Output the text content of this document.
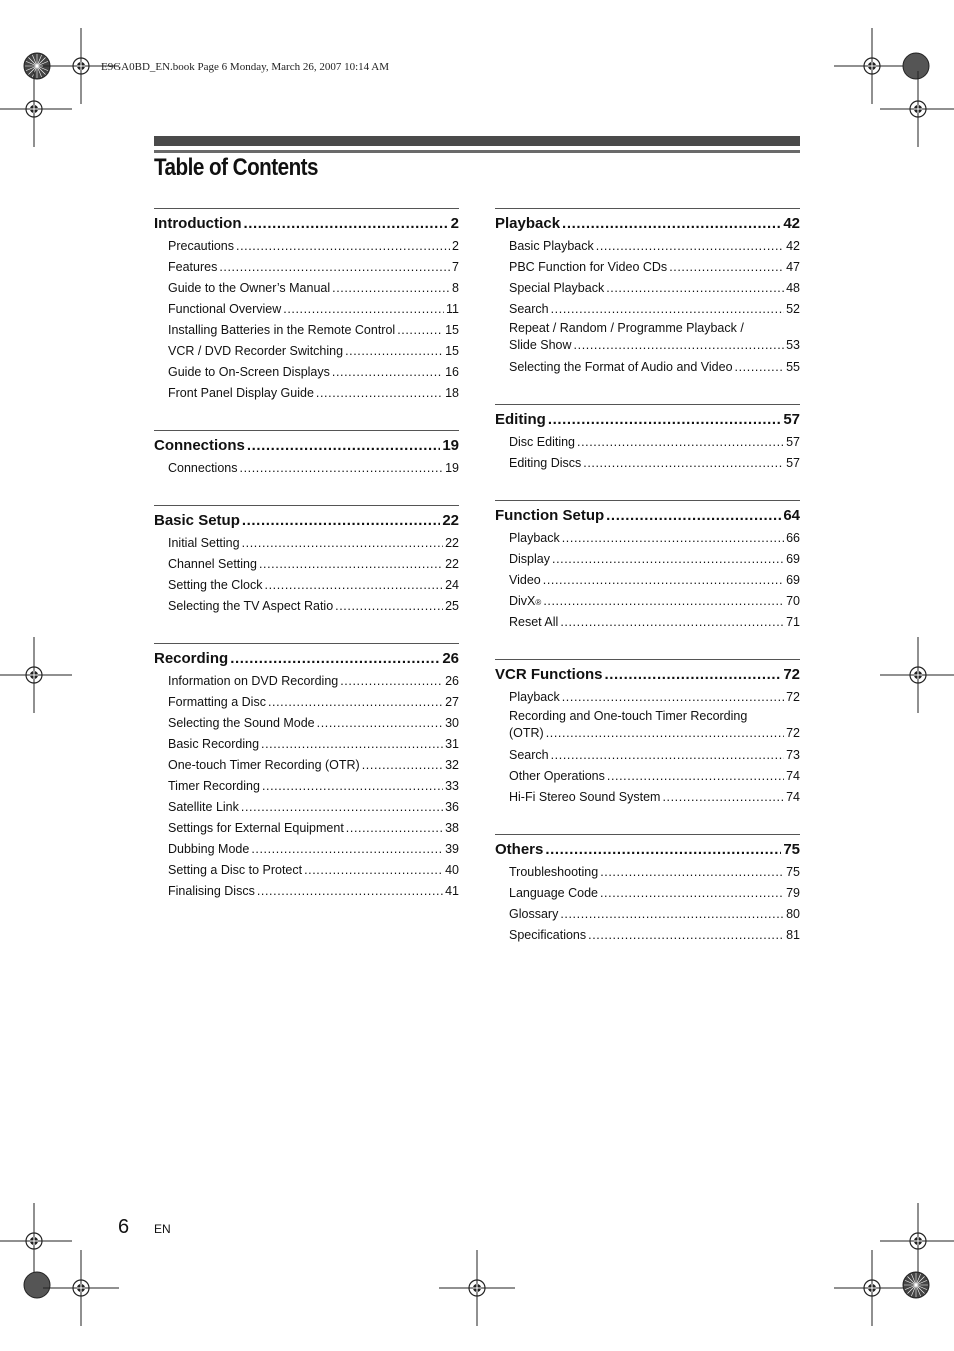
E9GA0BD_EN.book Page 6 Monday, March 26, 2007 10:14 AM
Table of Contents
Introduction .....	2
Precautions .....	2
Features .....	7
Guide to the Owner’s Manual .....	8
Functional Overview .....	11
Installing Batteries in the Remote Control .....	15
VCR / DVD Recorder Switching .....	15
Guide to On-Screen Displays .....	16
Front Panel Display Guide .....	18
Connections .....	19
Connections .....	19
Basic Setup .....	22
Initial Setting .....	22
Channel Setting .....	22
Setting the Clock .....	24
Selecting the TV Aspect Ratio .....	25
Recording .....	26
Information on DVD Recording .....	26
Formatting a Disc .....	27
Selecting the Sound Mode .....	30
Basic Recording .....	31
One-touch Timer Recording (OTR) .....	32
Timer Recording .....	33
Satellite Link .....	36
Settings for External Equipment .....	38
Dubbing Mode .....	39
Setting a Disc to Protect .....	40
Finalising Discs .....	41
Playback .....	42
Basic Playback .....	42
PBC Function for Video CDs .....	47
Special Playback .....	48
Search .....	52
Repeat / Random / Programme Playback /
Slide Show .....	53
Selecting the Format of Audio and Video .....	55
Editing .....	57
Disc Editing .....	57
Editing Discs .....	57
Function Setup .....	64
Playback .....	66
Display .....	69
Video .....	69
DivX ® .....	70
Reset All .....	71
VCR Functions .....	72
Playback .....	72
Recording and One-touch Timer Recording
(OTR) .....	72
Search .....	73
Other Operations .....	74
Hi-Fi Stereo Sound System .....	74
Others .....	75
Troubleshooting .....	75
Language Code .....	79
Glossary .....	80
Specifications .....	81
6 EN
